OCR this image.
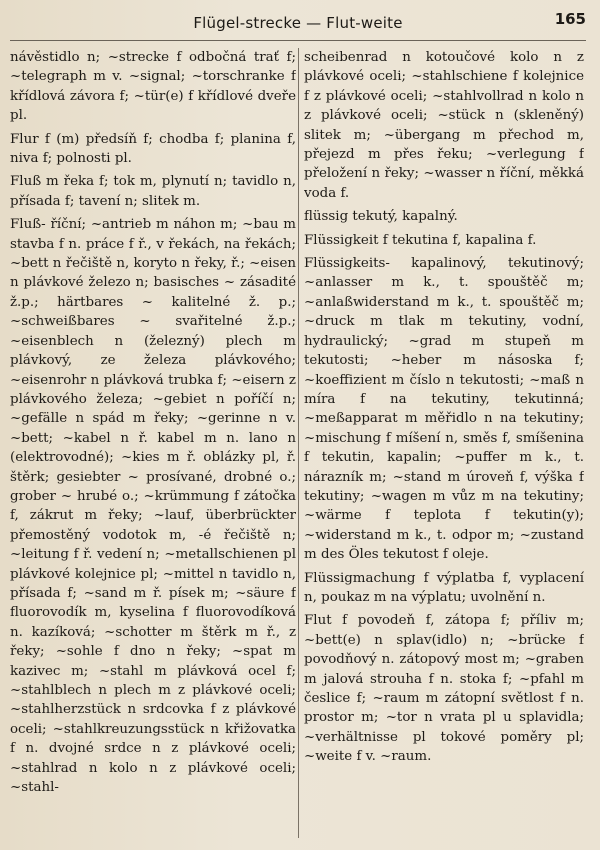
Flügel-strecke — Flut-weite	165

návěstidlo n; ~strecke f odbočná trať f; ~telegraph m v. ~signal; ~torschranke f křídlová závora f; ~tür(e) f křídlové dveře pl.

Flur f (m) předsíň f; chodba f; planina f, niva f; polnosti pl.

Fluß m řeka f; tok m, plynutí n; tavidlo n, přísada f; tavení n; slitek m.

Fluß- říční; ~antrieb m náhon m; ~bau m stavba f n. práce f ř., v řekách, na řekách; ~bett n řečiště n, koryto n řeky, ř.; ~eisen n plávkové železo n; basisches ~ zásadité ž.p.; härtbares ~ kalitelné ž. p.; ~schweißbares ~ svařitelné ž.p.; ~eisenblech n (železný) plech m plávkový, ze železa plávkového; ~eisenrohr n plávková trubka f; ~eisern z plávkového železa; ~gebiet n poříčí n; ~gefälle n spád m řeky; ~gerinne n v. ~bett; ~kabel n ř. kabel m n. lano n (elektrovodné); ~kies m ř. oblázky pl, ř. štěrk; gesiebter ~ prosívané, drobné o.; grober ~ hrubé o.; ~krümmung f zátočka f, zákrut m řeky; ~lauf, überbrückter přemostěný vodotok m, -é řečiště n; ~leitung f ř. vedení n; ~metallschienen pl plávkové kolejnice pl; ~mittel n tavidlo n, přísada f; ~sand m ř. písek m; ~säure f fluorovodík m, kyselina f fluorovodíková n. kazíková; ~schotter m štěrk m ř., z řeky; ~sohle f dno n řeky; ~spat m kazivec m; ~stahl m plávková ocel f; ~stahlblech n plech m z plávkové oceli; ~stahlherzstück n srdcovka f z plávkové oceli; ~stahlkreuzungsstück n křižovatka f n. dvojné srdce n z plávkové oceli; ~stahlrad n kolo n z plávkové oceli; ~stahl-

scheibenrad n kotoučové kolo n z plávkové oceli; ~stahlschiene f kolejnice f z plávkové oceli; ~stahlvollrad n kolo n z plávkové oceli; ~stück n (skleněný) slitek m; ~übergang m přechod m, přejezd m přes řeku; ~verlegung f přeložení n řeky; ~wasser n říční, měkká voda f.

flüssig tekutý, kapalný.

Flüssigkeit f tekutina f, kapalina f.

Flüssigkeits- kapalinový, tekutinový; ~anlasser m k., t. spouštěč m; ~anlaßwiderstand m k., t. spouštěč m; ~druck m tlak m tekutiny, vodní, hydraulický; ~grad m stupeň m tekutosti; ~heber m násoska f; ~koeffizient m číslo n tekutosti; ~maß n míra f na tekutiny, tekutinná; ~meßapparat m měřidlo n na tekutiny; ~mischung f míšení n, směs f, smíšenina f tekutin, kapalin; ~puffer m k., t. nárazník m; ~stand m úroveň f, výška f tekutiny; ~wagen m vůz m na tekutiny; ~wärme f teplota f tekutin(y); ~widerstand m k., t. odpor m; ~zustand m des Öles tekutost f oleje.

Flüssigmachung f výplatba f, vyplacení n, poukaz m na výplatu; uvolnění n.

Flut f povodeň f, zátopa f; příliv m; ~bett(e) n splav(idlo) n; ~brücke f povodňový n. zátopový most m; ~graben m jalová strouha f n. stoka f; ~pfahl m česlice f; ~raum m zátopní světlost f n. prostor m; ~tor n vrata pl u splavidla; ~verhältnisse pl tokové poměry pl; ~weite f v. ~raum.
